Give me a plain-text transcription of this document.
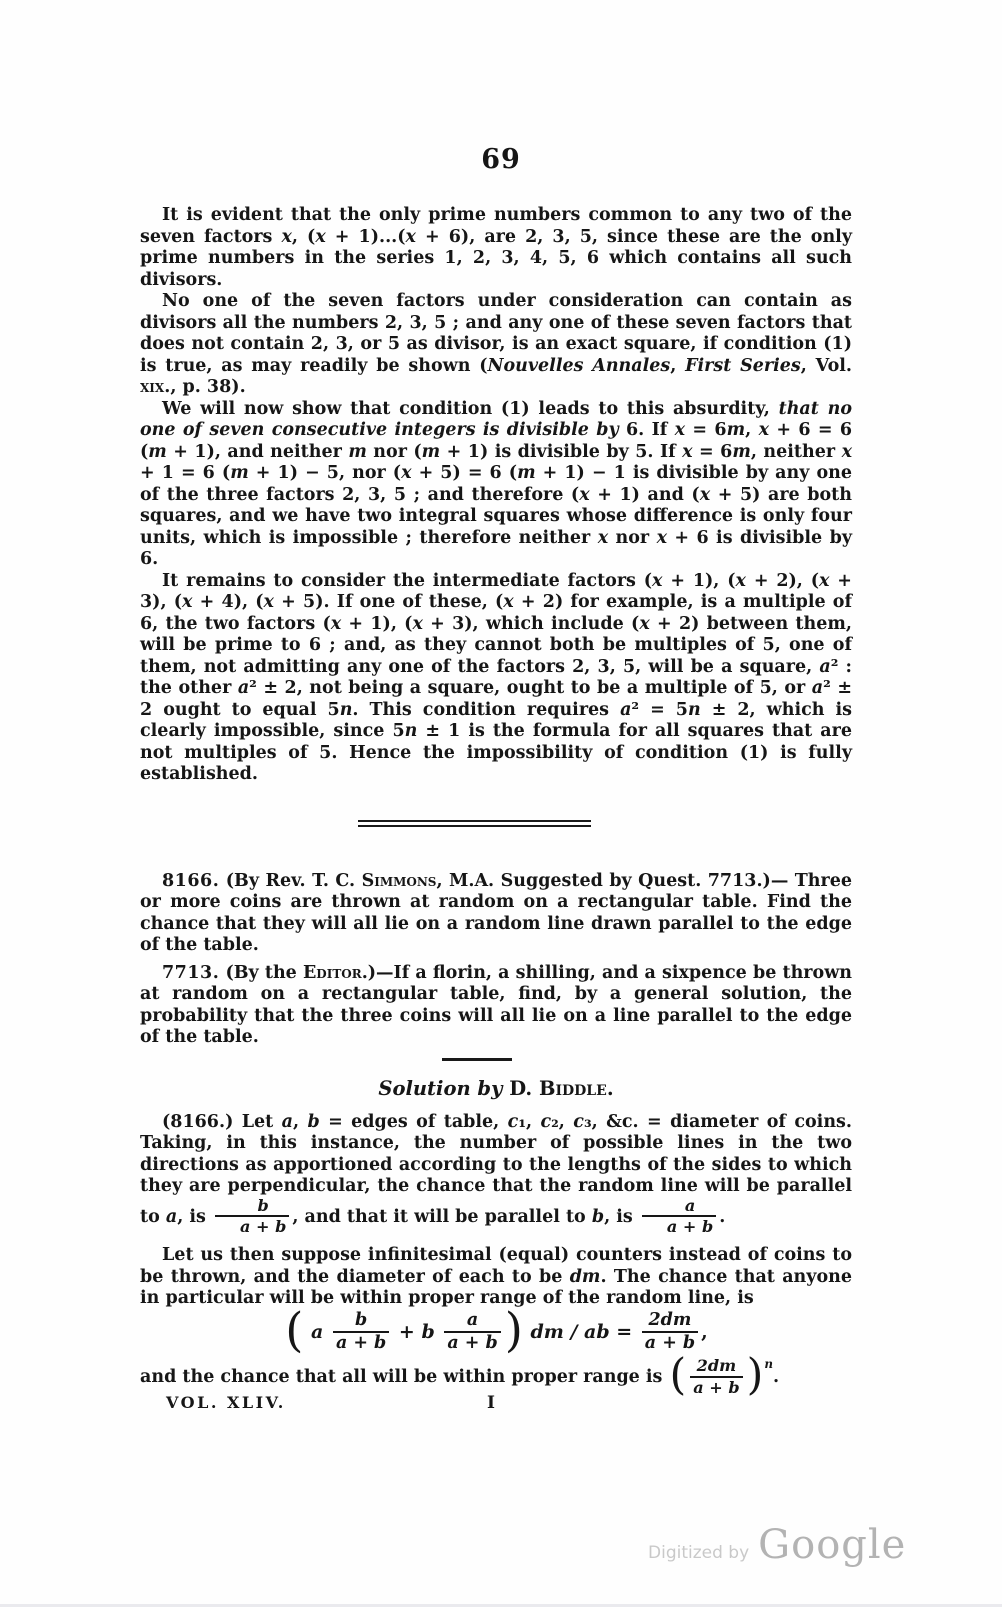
69

It is evident that the only prime numbers common to any two of the seven factors x, (x + 1)...(x + 6), are 2, 3, 5, since these are the only prime numbers in the series 1, 2, 3, 4, 5, 6 which contains all such divisors.

No one of the seven factors under consideration can contain as divisors all the numbers 2, 3, 5 ; and any one of these seven factors that does not contain 2, 3, or 5 as divisor, is an exact square, if condition (1) is true, as may readily be shown (Nouvelles Annales, First Series, Vol. xix., p. 38).

We will now show that condition (1) leads to this absurdity, that no one of seven consecutive integers is divisible by 6. If x = 6m, x + 6 = 6 (m + 1), and neither m nor (m + 1) is divisible by 5. If x = 6m, neither x + 1 = 6 (m + 1) − 5, nor (x + 5) = 6 (m + 1) − 1 is divisible by any one of the three factors 2, 3, 5 ; and therefore (x + 1) and (x + 5) are both squares, and we have two integral squares whose difference is only four units, which is impossible ; therefore neither x nor x + 6 is divisible by 6.

It remains to consider the intermediate factors (x + 1), (x + 2), (x + 3), (x + 4), (x + 5). If one of these, (x + 2) for example, is a multiple of 6, the two factors (x + 1), (x + 3), which include (x + 2) between them, will be prime to 6 ; and, as they cannot both be multiples of 5, one of them, not admitting any one of the factors 2, 3, 5, will be a square, a² : the other a² ± 2, not being a square, ought to be a multiple of 5, or a² ± 2 ought to equal 5n. This condition requires a² = 5n ± 2, which is clearly impossible, since 5n ± 1 is the formula for all squares that are not multiples of 5. Hence the impossibility of condition (1) is fully established.

8166. (By Rev. T. C. Simmons, M.A. Suggested by Quest. 7713.)— Three or more coins are thrown at random on a rectangular table. Find the chance that they will all lie on a random line drawn parallel to the edge of the table.

7713. (By the Editor.)—If a florin, a shilling, and a sixpence be thrown at random on a rectangular table, find, by a general solution, the probability that the three coins will all lie on a line parallel to the edge of the table.

Solution by D. Biddle.

(8166.) Let a, b = edges of table, c₁, c₂, c₃, &c. = diameter of coins. Taking, in this instance, the number of possible lines in the two directions as apportioned according to the lengths of the sides to which they are perpendicular, the chance that the random line will be parallel to a, is $\frac{b}{a + b}$ , and that it will be parallel to b, is $\frac{a}{a + b}$ .

Let us then suppose infinitesimal (equal) counters instead of coins to be thrown, and the diameter of each to be dm. The chance that anyone in particular will be within proper range of the random line, is

( a $\frac{b}{a + b} + b \frac{a}{a + b}$ ) dm / ab = $\frac{2dm}{a + b}$ ,

and the chance that all will be within proper range is ( $\frac{2dm}{a + b} )^n$.

VOL. XLIV.	I
Digitized by Google
